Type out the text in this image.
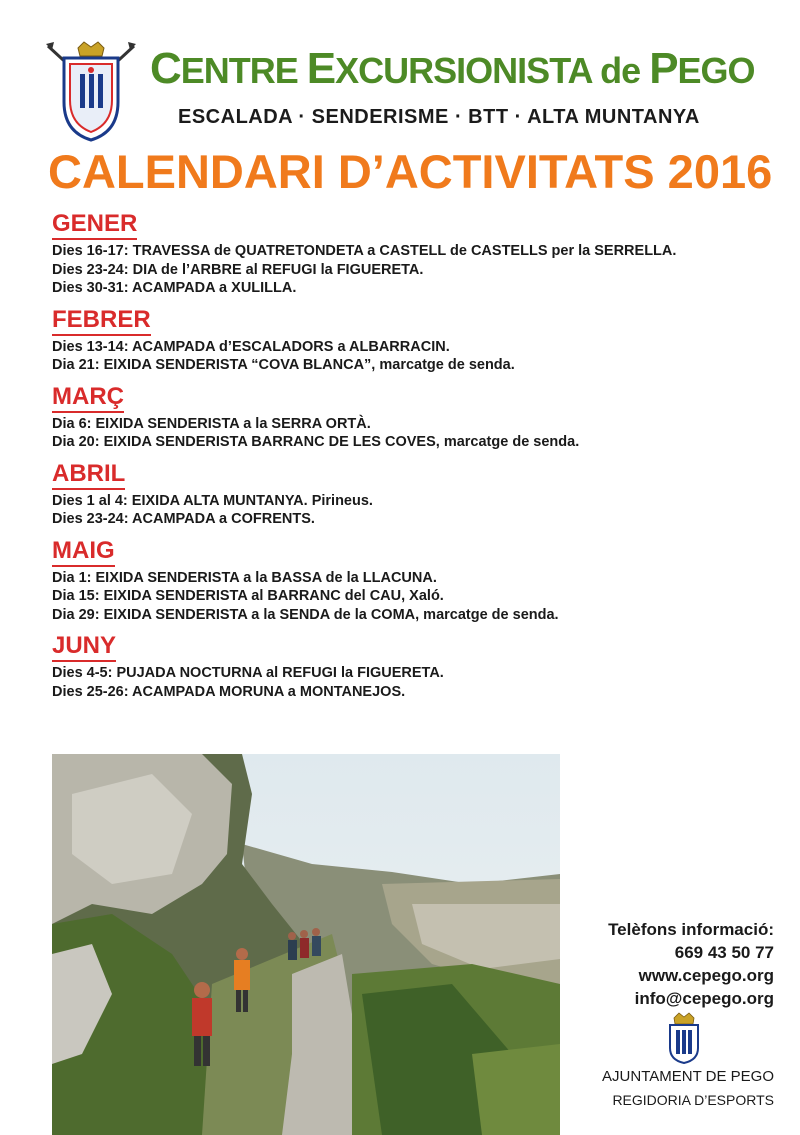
CENTRE EXCURSIONISTA de PEGO
ESCALADA · SENDERISME · BTT · ALTA MUNTANYA
CALENDARI D’ACTIVITATS 2016
GENER
Dies 16-17: TRAVESSA de QUATRETONDETA a CASTELL de CASTELLS per la SERRELLA.
Dies 23-24: DIA de l’ARBRE al REFUGI la FIGUERETA.
Dies 30-31: ACAMPADA a XULILLA.
FEBRER
Dies 13-14: ACAMPADA d’ESCALADORS a ALBARRACIN.
Dia 21: EIXIDA SENDERISTA “COVA BLANCA”, marcatge de senda.
MARÇ
Dia 6: EIXIDA SENDERISTA a la SERRA ORTÀ.
Dia 20: EIXIDA SENDERISTA BARRANC DE LES COVES, marcatge de senda.
ABRIL
Dies 1 al 4: EIXIDA ALTA MUNTANYA. Pirineus.
Dies 23-24: ACAMPADA a COFRENTS.
MAIG
Dia 1: EIXIDA SENDERISTA a la BASSA de la LLACUNA.
Dia 15: EIXIDA SENDERISTA al BARRANC del CAU, Xaló.
Dia 29: EIXIDA SENDERISTA a la SENDA de la COMA, marcatge de senda.
JUNY
Dies 4-5: PUJADA NOCTURNA al REFUGI la FIGUERETA.
Dies 25-26: ACAMPADA MORUNA a MONTANEJOS.
Telèfons informació:
669 43 50 77
www.cepego.org
info@cepego.org
AJUNTAMENT DE PEGO
REGIDORIA D’ESPORTS
